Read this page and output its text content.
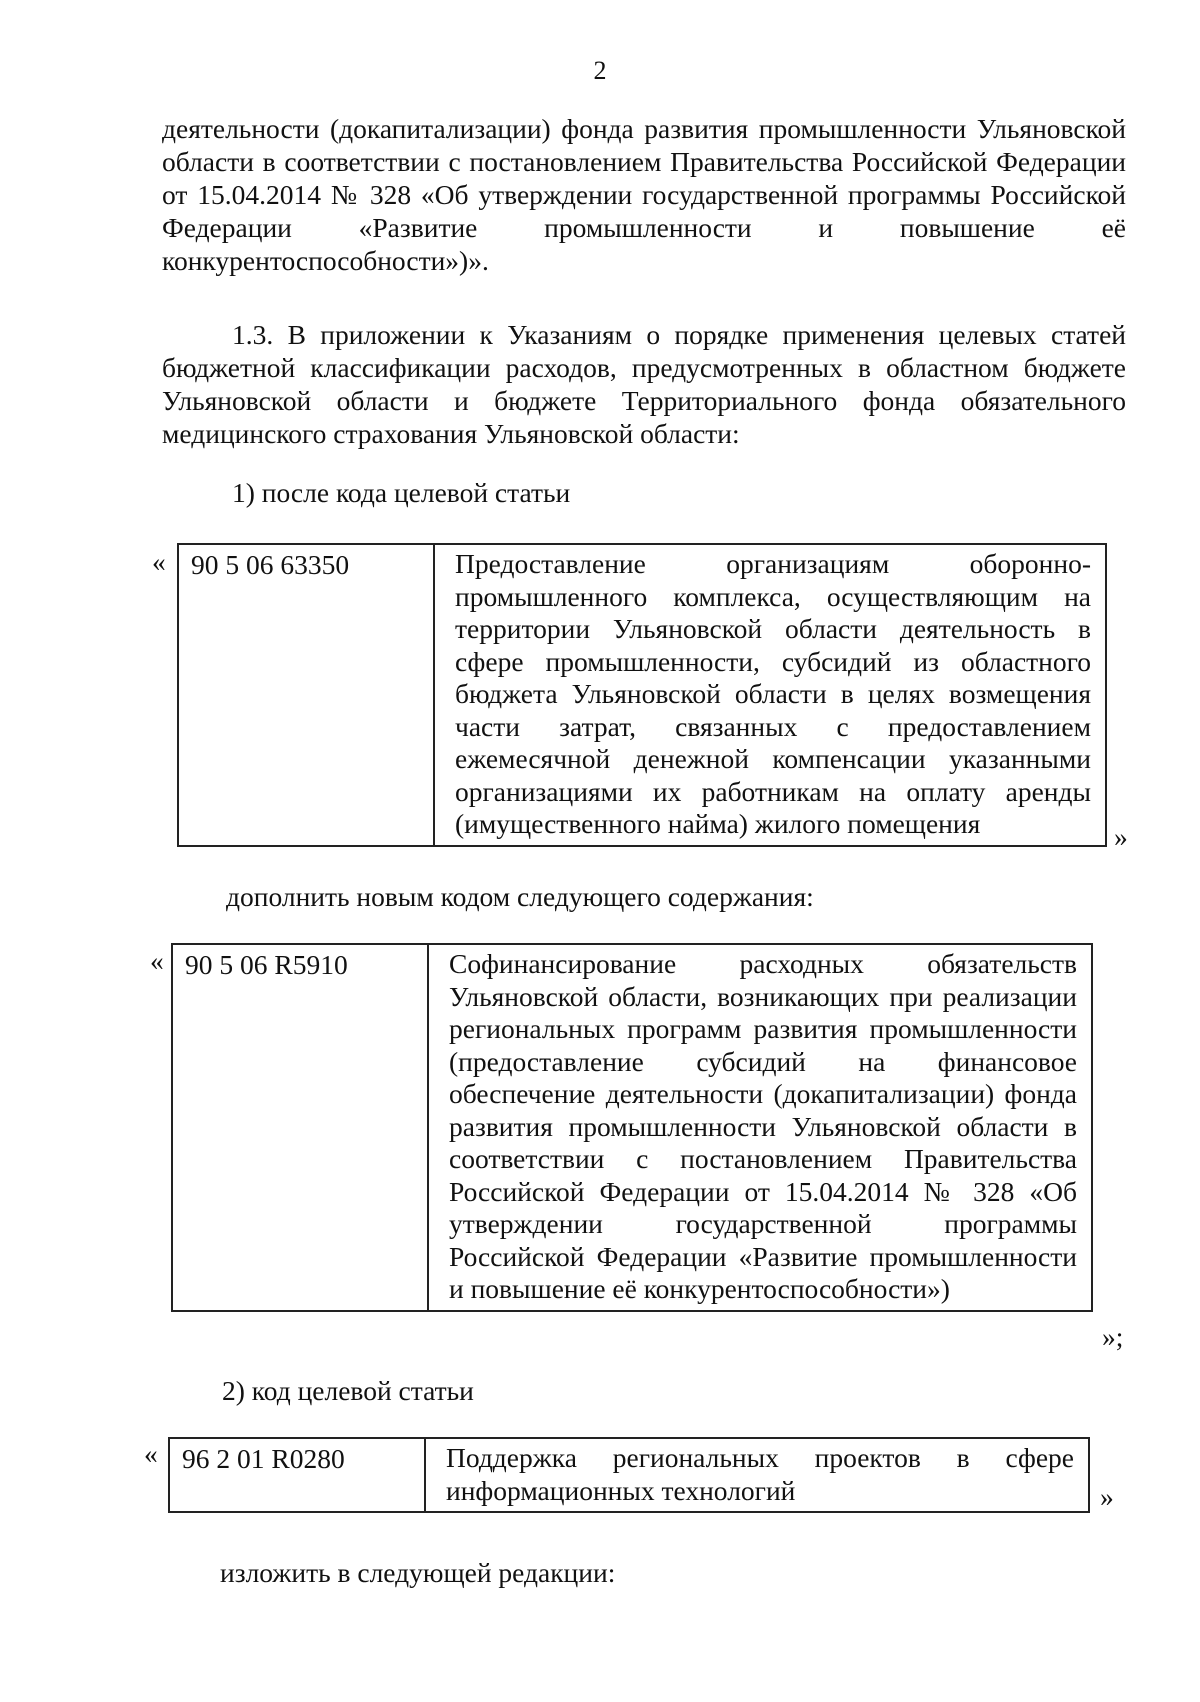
2

деятельности (докапитализации) фонда развития промышленности Ульяновской области в соответствии с постановлением Правительства Российской Федерации от 15.04.2014 № 328 «Об утверждении государственной программы Российской Федерации «Развитие промышленности и повышение её конкурентоспособности»)».

1.3. В приложении к Указаниям о порядке применения целевых статей бюджетной классификации расходов, предусмотренных в областном бюджете Ульяновской области и бюджете Территориального фонда обязательного медицинского страхования Ульяновской области:

1) после кода целевой статьи
« 90 5 06 63350	Предоставление организациям оборонно-промышленного комплекса, осуществляющим на территории Ульяновской области деятельность в сфере промышленности, субсидий из областного бюджета Ульяновской области в целях возмещения части затрат, связанных с предоставлением ежемесячной денежной компенсации указанными организациями их работникам на оплату аренды
(имущественного найма) жилого помещения	»
дополнить новым кодом следующего содержания:
« 90 5 06 R5910	Софинансирование расходных обязательств Ульяновской области, возникающих при реализации региональных программ развития промышленности (предоставление субсидий на финансовое обеспечение деятельности (докапитализации) фонда развития промышленности Ульяновской области в соответствии с постановлением Правительства Российской Федерации от 15.04.2014 № 328 «Об утверждении государственной программы Российской Федерации «Развитие промышленности
и повышение её конкурентоспособности»)
»;
2) код целевой статьи
« 96 2 01 R0280	Поддержка региональных проектов в сфере
информационных технологий	»
изложить в следующей редакции:
